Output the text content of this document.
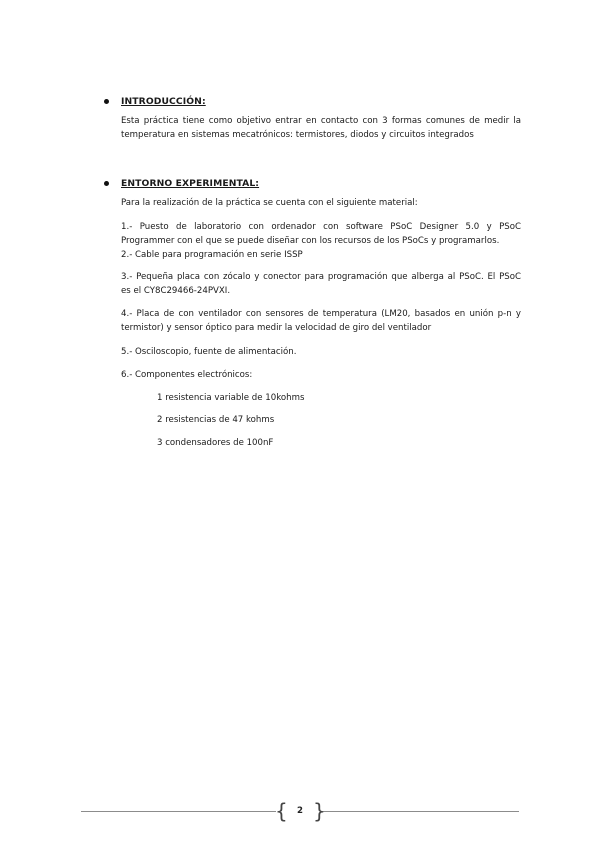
INTRODUCCIÓN:
Esta práctica tiene como objetivo entrar en contacto con 3 formas comunes de medir la
temperatura en sistemas mecatrónicos: termistores, diodos y circuitos integrados
ENTORNO EXPERIMENTAL:
Para la realización de la práctica se cuenta con el siguiente material:
1.- Puesto de laboratorio con ordenador con software PSoC Designer 5.0 y PSoC
Programmer con el que se puede diseñar con los recursos de los PSoCs y programarlos.
2.- Cable para programación en serie ISSP
3.- Pequeña placa con zócalo y conector para programación que alberga al PSoC. El PSoC
es el CY8C29466-24PVXI.
4.- Placa de con ventilador con sensores de temperatura (LM20, basados en unión p-n y
termistor) y sensor óptico para medir la velocidad de giro del ventilador
5.- Osciloscopio, fuente de alimentación.
6.- Componentes electrónicos:
1 resistencia variable de 10kohms
2 resistencias de 47 kohms
3 condensadores de 100nF
{ }
2
